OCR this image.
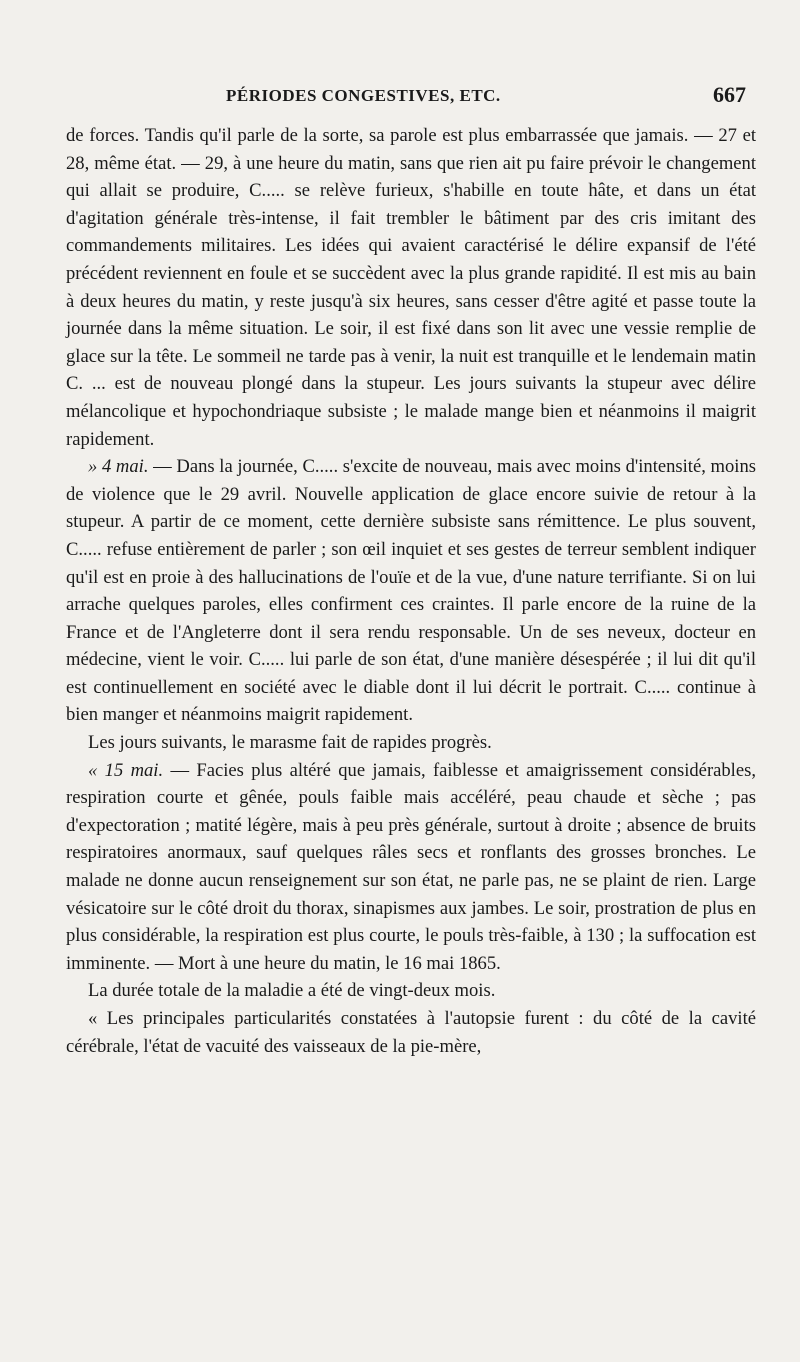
PÉRIODES CONGESTIVES, ETC.	667

de forces. Tandis qu'il parle de la sorte, sa parole est plus embarrassée que jamais. — 27 et 28, même état. — 29, à une heure du matin, sans que rien ait pu faire prévoir le changement qui allait se produire, C..... se relève furieux, s'habille en toute hâte, et dans un état d'agitation générale très-intense, il fait trembler le bâtiment par des cris imitant des commandements militaires. Les idées qui avaient caractérisé le délire expansif de l'été précédent reviennent en foule et se succèdent avec la plus grande rapidité. Il est mis au bain à deux heures du matin, y reste jusqu'à six heures, sans cesser d'être agité et passe toute la journée dans la même situation. Le soir, il est fixé dans son lit avec une vessie remplie de glace sur la tête. Le sommeil ne tarde pas à venir, la nuit est tranquille et le lendemain matin C. ... est de nouveau plongé dans la stupeur. Les jours suivants la stupeur avec délire mélancolique et hypochondriaque subsiste ; le malade mange bien et néanmoins il maigrit rapidement.

» 4 mai. — Dans la journée, C..... s'excite de nouveau, mais avec moins d'intensité, moins de violence que le 29 avril. Nouvelle application de glace encore suivie de retour à la stupeur. A partir de ce moment, cette dernière subsiste sans rémittence. Le plus souvent, C..... refuse entièrement de parler ; son œil inquiet et ses gestes de terreur semblent indiquer qu'il est en proie à des hallucinations de l'ouïe et de la vue, d'une nature terrifiante. Si on lui arrache quelques paroles, elles confirment ces craintes. Il parle encore de la ruine de la France et de l'Angleterre dont il sera rendu responsable. Un de ses neveux, docteur en médecine, vient le voir. C..... lui parle de son état, d'une manière désespérée ; il lui dit qu'il est continuellement en société avec le diable dont il lui décrit le portrait. C..... continue à bien manger et néanmoins maigrit rapidement.

Les jours suivants, le marasme fait de rapides progrès.

« 15 mai. — Facies plus altéré que jamais, faiblesse et amaigrissement considérables, respiration courte et gênée, pouls faible mais accéléré, peau chaude et sèche ; pas d'expectoration ; matité légère, mais à peu près générale, surtout à droite ; absence de bruits respiratoires anormaux, sauf quelques râles secs et ronflants des grosses bronches. Le malade ne donne aucun renseignement sur son état, ne parle pas, ne se plaint de rien. Large vésicatoire sur le côté droit du thorax, sinapismes aux jambes. Le soir, prostration de plus en plus considérable, la respiration est plus courte, le pouls très-faible, à 130 ; la suffocation est imminente. — Mort à une heure du matin, le 16 mai 1865.

La durée totale de la maladie a été de vingt-deux mois.

« Les principales particularités constatées à l'autopsie furent : du côté de la cavité cérébrale, l'état de vacuité des vaisseaux de la pie-mère,
